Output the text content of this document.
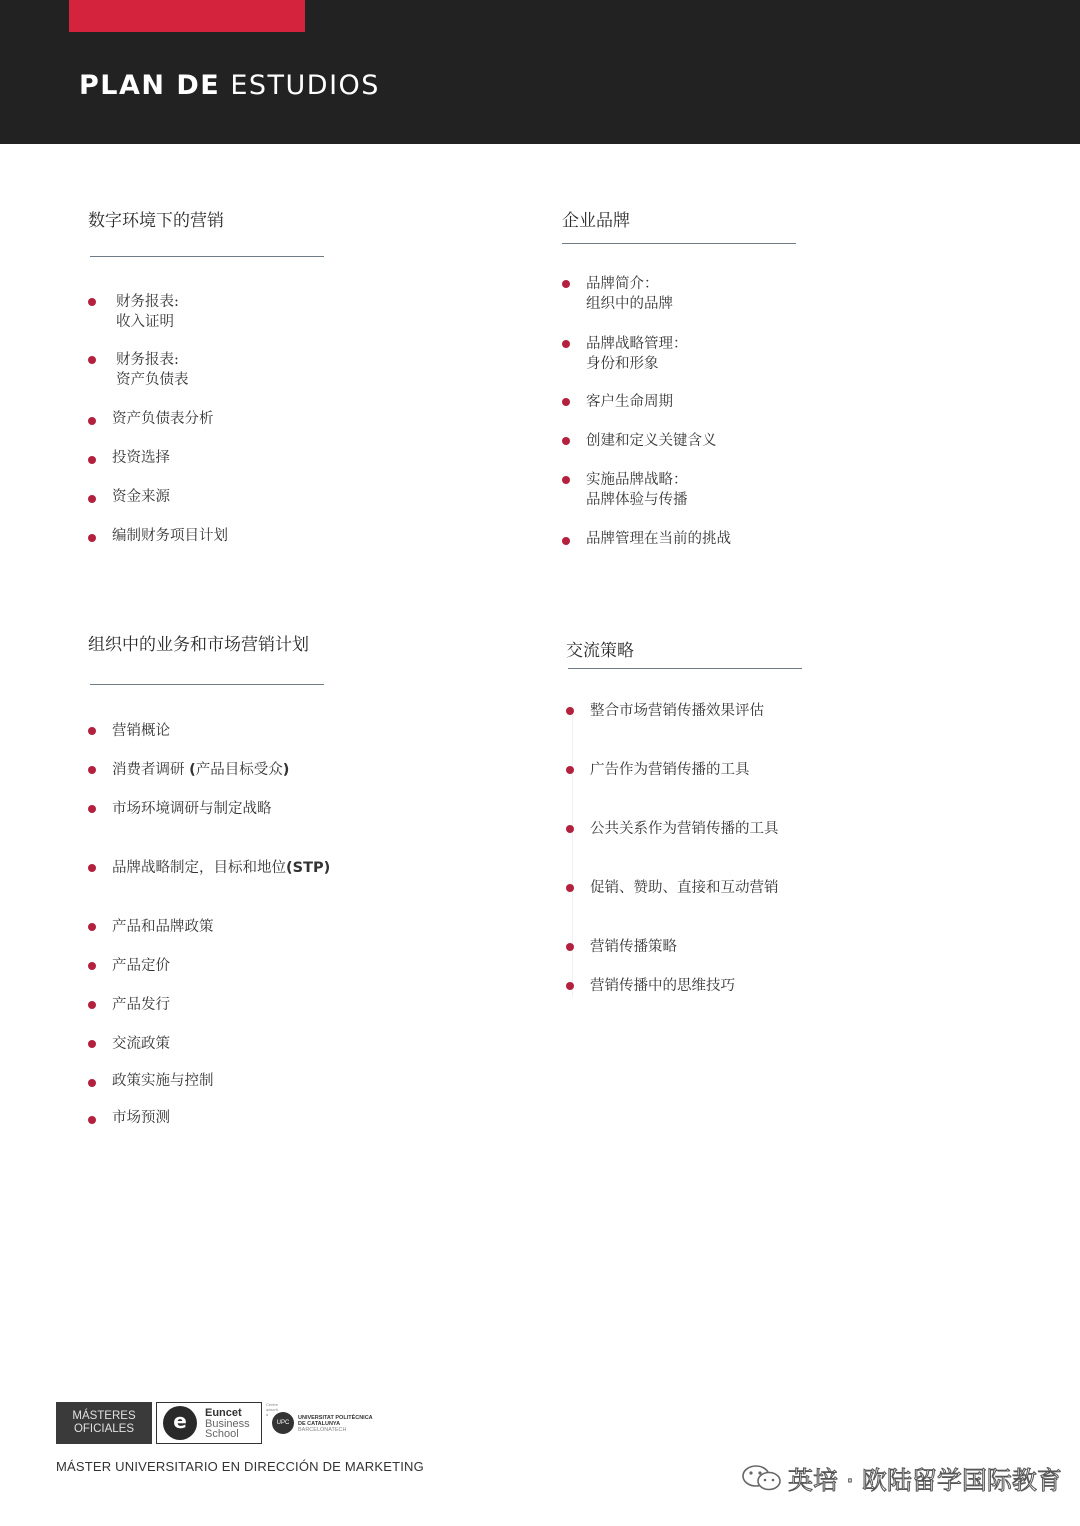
PLAN DE ESTUDIOS
数字环境下的营销
财务报表:
收入证明
财务报表:
资产负债表
资产负债表分析
投资选择
资金来源
编制财务项目计划
企业品牌
品牌简介：
组织中的品牌
品牌战略管理：
身份和形象
客户生命周期
创建和定义关键含义
实施品牌战略：
品牌体验与传播
品牌管理在当前的挑战
组织中的业务和市场营销计划
营销概论
消费者调研 (产品目标受众)
市场环境调研与制定战略
品牌战略制定，目标和地位(STP)
产品和品牌政策
产品定价
产品发行
交流政策
政策实施与控制
市场预测
交流策略
整合市场营销传播效果评估
广告作为营销传播的工具
公共关系作为营销传播的工具
促销、赞助、直接和互动营销
营销传播策略
营销传播中的思维技巧
MÁSTERES
OFICIALES	e	Euncet
Business
School
Centre adscrit a
UPC
UNIVERSITAT POLITÈCNICA
DE CATALUNYA
BARCELONATECH
MÁSTER UNIVERSITARIO EN DIRECCIÓN DE MARKETING	英培 · 欧陆留学国际教育
